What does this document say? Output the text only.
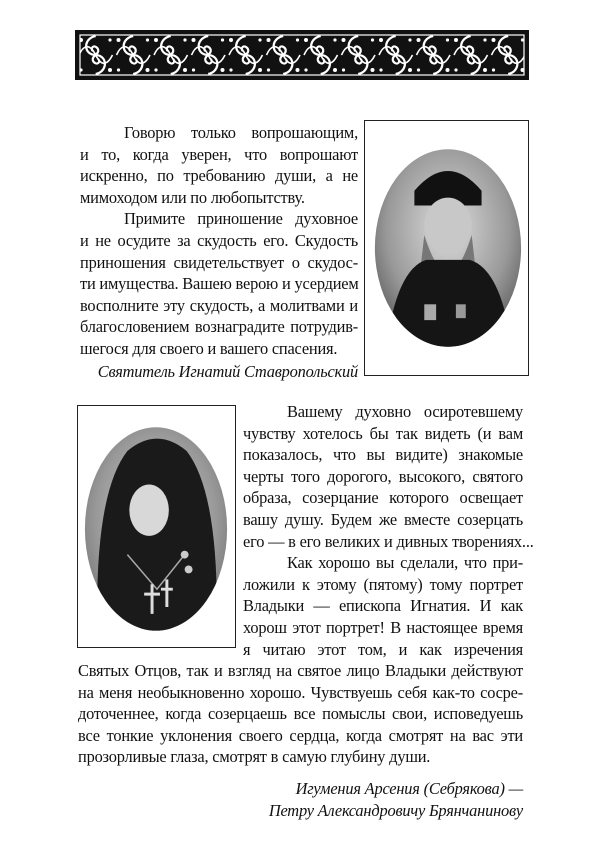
Говорю только вопрошающим,
и то, когда уверен, что вопрошают
искренно, по требованию души, а не
мимоходом или по любопытству.
Примите приношение духовное
и не осудите за скудость его. Скудость
приношения свидетельствует о скудос-
ти имущества. Вашею верою и усердием
восполните эту скудость, а молитвами и
благословением вознаградите потрудив-
шегося для своего и вашего спасения.
Святитель Игнатий Ставропольский
Вашему духовно осиротевшему
чувству хотелось бы так видеть (и вам
показалось, что вы видите) знакомые
черты того дорогого, высокого, святого
образа, созерцание которого освещает
вашу душу. Будем же вместе созерцать
его — в его великих и дивных творениях...
Как хорошо вы сделали, что при-
ложили к этому (пятому) тому портрет
Владыки — епископа Игнатия. И как
хорош этот портрет! В настоящее время
я читаю этот том, и как изречения
Святых Отцов, так и взгляд на святое лицо Владыки действуют
на меня необыкновенно хорошо. Чувствуешь себя как-то сосре-
доточеннее, когда созерцаешь все помыслы свои, исповедуешь
все тонкие уклонения своего сердца, когда смотрят на вас эти
прозорливые глаза, смотрят в самую глубину души.
Игумения Арсения (Себрякова) —
Петру Александровичу Брянчанинову
